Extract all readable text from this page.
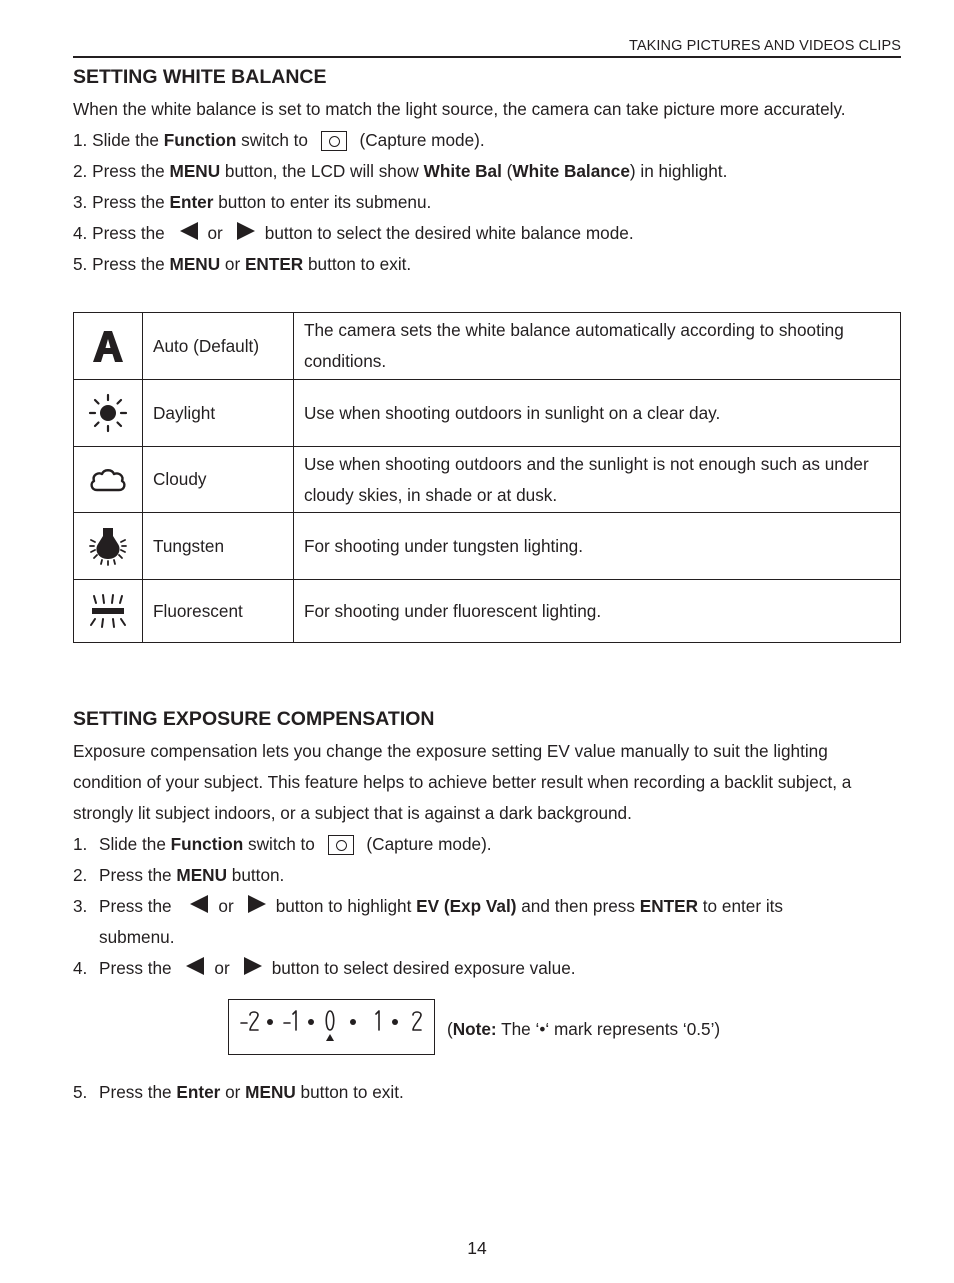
TAKING PICTURES AND VIDEOS CLIPS
SETTING WHITE BALANCE
When the white balance is set to match the light source, the camera can take picture more accurately.
1. Slide the Function switch to  (Capture mode).
2. Press the MENU button, the LCD will show White Bal (White Balance) in highlight.
3. Press the Enter button to enter its submenu.
4. Press the or button to select the desired white balance mode.
5. Press the MENU or ENTER button to exit.
	Auto (Default)	The camera sets the white balance automatically according to shooting conditions.

	Daylight	Use when shooting outdoors in sunlight on a clear day.

	Cloudy	Use when shooting outdoors and the sunlight is not enough such as under cloudy skies, in shade or at dusk.

	Tungsten	For shooting under tungsten lighting.

	Fluorescent	For shooting under fluorescent lighting.
SETTING EXPOSURE COMPENSATION
Exposure compensation lets you change the exposure setting EV value manually to suit the lighting
condition of your subject. This feature helps to achieve better result when recording a backlit subject, a
strongly lit subject indoors, or a subject that is against a dark background.
1. Slide the Function switch to  (Capture mode).
2. Press the MENU button.
3. Press the or button to highlight EV (Exp Val) and then press ENTER to enter its
submenu.
4. Press the or button to select desired exposure value.
(Note: The ‘•‘ mark represents ‘0.5’)
5. Press the Enter or MENU button to exit.
14
